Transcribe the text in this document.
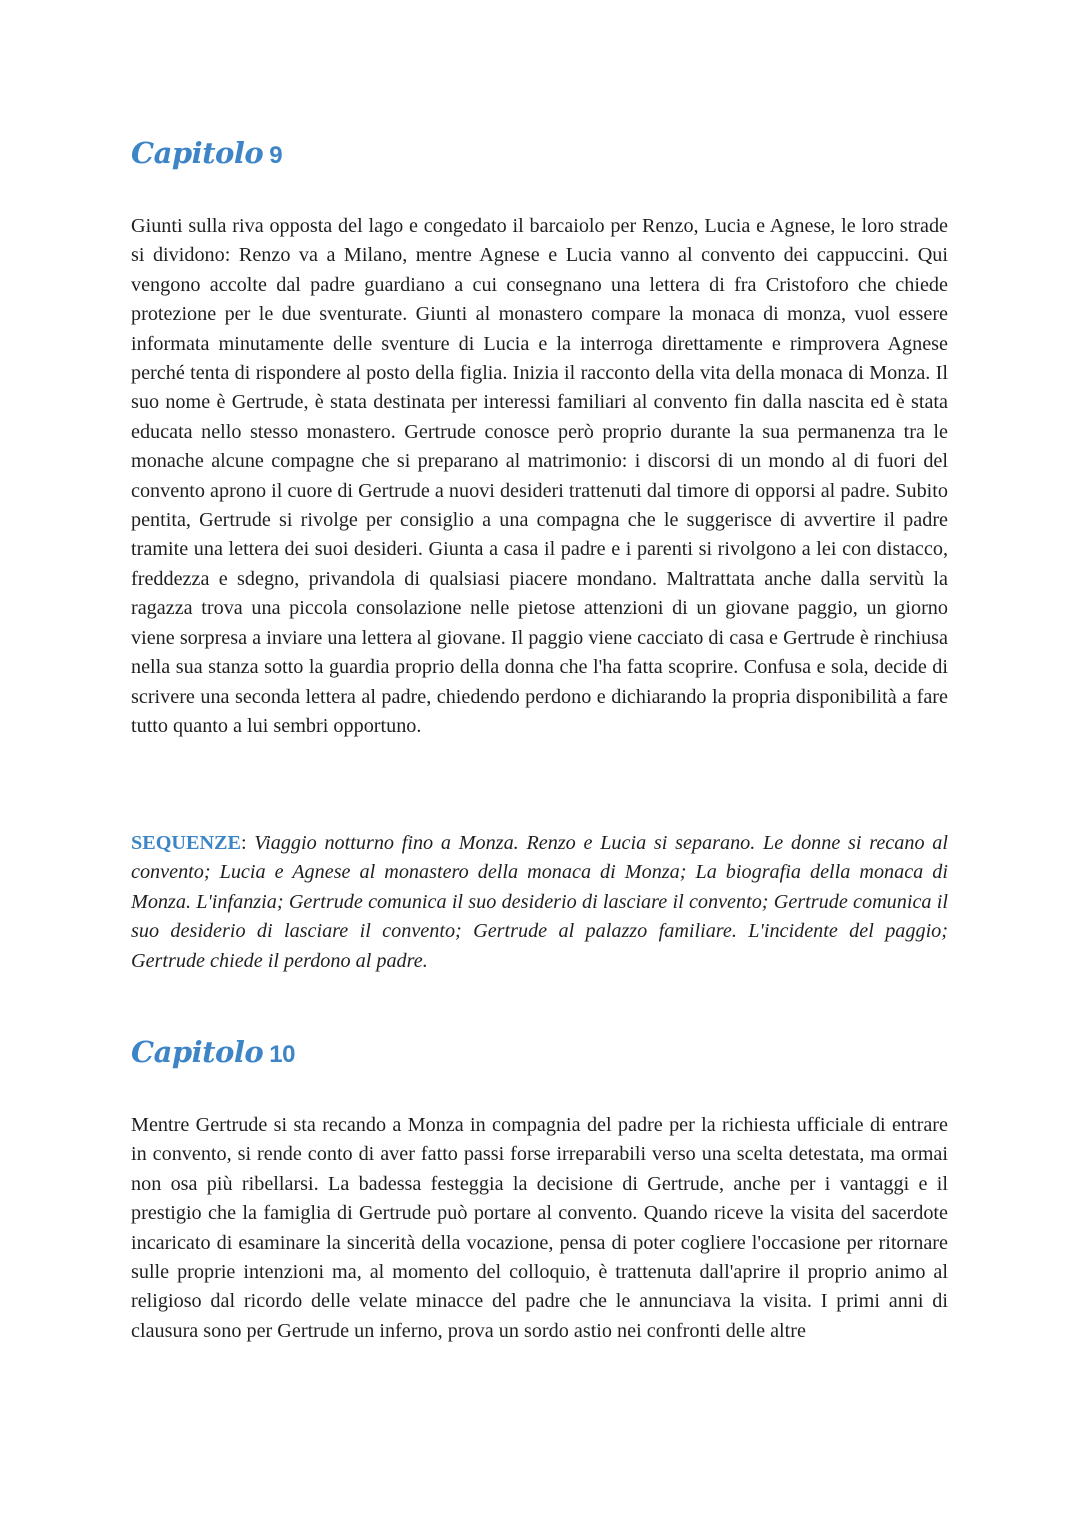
Capitolo 9

Giunti sulla riva opposta del lago e congedato il barcaiolo per Renzo, Lucia e Agnese, le loro strade si dividono: Renzo va a Milano, mentre Agnese e Lucia vanno al convento dei cappuccini. Qui vengono accolte dal padre guardiano a cui consegnano una lettera di fra Cristoforo che chiede protezione per le due sventurate. Giunti al monastero compare la monaca di monza, vuol essere informata minutamente delle sventure di Lucia e la interroga direttamente e rimprovera Agnese perché tenta di rispondere al posto della figlia. Inizia il racconto della vita della monaca di Monza. Il suo nome è Gertrude, è stata destinata per interessi familiari al convento fin dalla nascita ed è stata educata nello stesso monastero. Gertrude conosce però proprio durante la sua permanenza tra le monache alcune compagne che si preparano al matrimonio: i discorsi di un mondo al di fuori del convento aprono il cuore di Gertrude a nuovi desideri trattenuti dal timore di opporsi al padre. Subito pentita, Gertrude si rivolge per consiglio a una compagna che le suggerisce di avvertire il padre tramite una lettera dei suoi desideri. Giunta a casa il padre e i parenti si rivolgono a lei con distacco, freddezza e sdegno, privandola di qualsiasi piacere mondano. Maltrattata anche dalla servitù la ragazza trova una piccola consolazione nelle pietose attenzioni di un giovane paggio, un giorno viene sorpresa a inviare una lettera al giovane. Il paggio viene cacciato di casa e Gertrude è rinchiusa nella sua stanza sotto la guardia proprio della donna che l'ha fatta scoprire. Confusa e sola, decide di scrivere una seconda lettera al padre, chiedendo perdono e dichiarando la propria disponibilità a fare tutto quanto a lui sembri opportuno.

SEQUENZE: Viaggio notturno fino a Monza. Renzo e Lucia si separano. Le donne si recano al convento; Lucia e Agnese al monastero della monaca di Monza; La biografia della monaca di Monza. L'infanzia; Gertrude comunica il suo desiderio di lasciare il convento; Gertrude comunica il suo desiderio di lasciare il convento; Gertrude al palazzo familiare. L'incidente del paggio; Gertrude chiede il perdono al padre.

Capitolo 10

Mentre Gertrude si sta recando a Monza in compagnia del padre per la richiesta ufficiale di entrare in convento, si rende conto di aver fatto passi forse irreparabili verso una scelta detestata, ma ormai non osa più ribellarsi. La badessa festeggia la decisione di Gertrude, anche per i vantaggi e il prestigio che la famiglia di Gertrude può portare al convento. Quando riceve la visita del sacerdote incaricato di esaminare la sincerità della vocazione, pensa di poter cogliere l'occasione per ritornare sulle proprie intenzioni ma, al momento del colloquio, è trattenuta dall'aprire il proprio animo al religioso dal ricordo delle velate minacce del padre che le annunciava la visita. I primi anni di clausura sono per Gertrude un inferno, prova un sordo astio nei confronti delle altre
